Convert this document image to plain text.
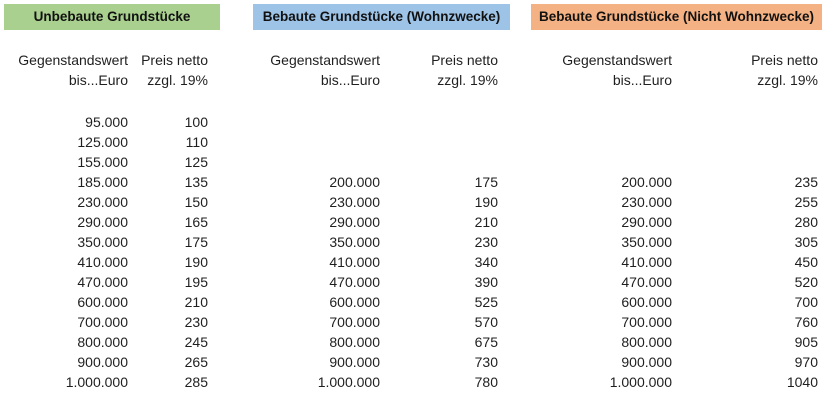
Unbebaute Grundstücke
Gegenstandswert Preis netto
bis...Euro	zzgl. 19%
95.000	100
125.000	110
155.000	125
185.000	135
230.000	150
290.000	165
350.000	175
410.000	190
470.000	195
600.000	210
700.000	230
800.000	245
900.000	265
1.000.000	285
Bebaute Grundstücke (Wohnzwecke)
Gegenstandswert	Preis netto
bis...Euro	zzgl. 19%
200.000	175
230.000	190
290.000	210
350.000	230
410.000	340
470.000	390
600.000	525
700.000	570
800.000	675
900.000	730
1.000.000	780
Bebaute Grundstücke (Nicht Wohnzwecke)
Gegenstandswert	Preis netto
bis...Euro	zzgl. 19%
200.000	235
230.000	255
290.000	280
350.000	305
410.000	450
470.000	520
600.000	700
700.000	760
800.000	905
900.000	970
1.000.000	1040
